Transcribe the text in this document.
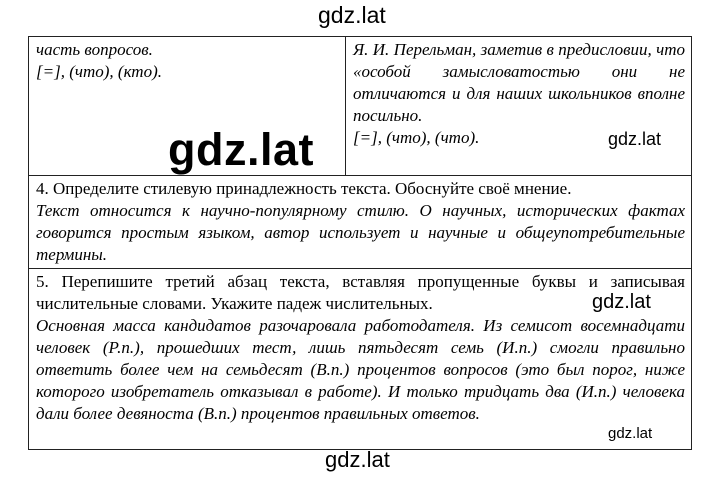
gdz.lat
часть вопросов.
[=], (что), (кто).

Я. И. Перельман, заметив в предисловии, что «особой замысловатостью они не отличаются и для наших школьников вполне посильно.

[=], (что), (что).

4. Определите стилевую принадлежность текста. Обоснуйте своё мнение.

Текст относится к научно-популярному стилю. О научных, исторических фактах говорится простым языком, автор использует и научные и общеупотребительные термины.

5. Перепишите третий абзац текста, вставляя пропущенные буквы и записывая числительные словами. Укажите падеж числительных.

Основная масса кандидатов разочаровала работодателя. Из семисот восемнадцати человек (Р.п.), прошедших тест, лишь пятьдесят семь (И.п.) смогли правильно ответить более чем на семьдесят (В.п.) процентов вопросов (это был порог, ниже которого изобретатель отказывал в работе). И только тридцать два (И.п.) человека дали более девяноста (В.п.) процентов правильных ответов.

gdz.lat	gdz.lat
gdz.lat
gdz.lat
gdz.lat
